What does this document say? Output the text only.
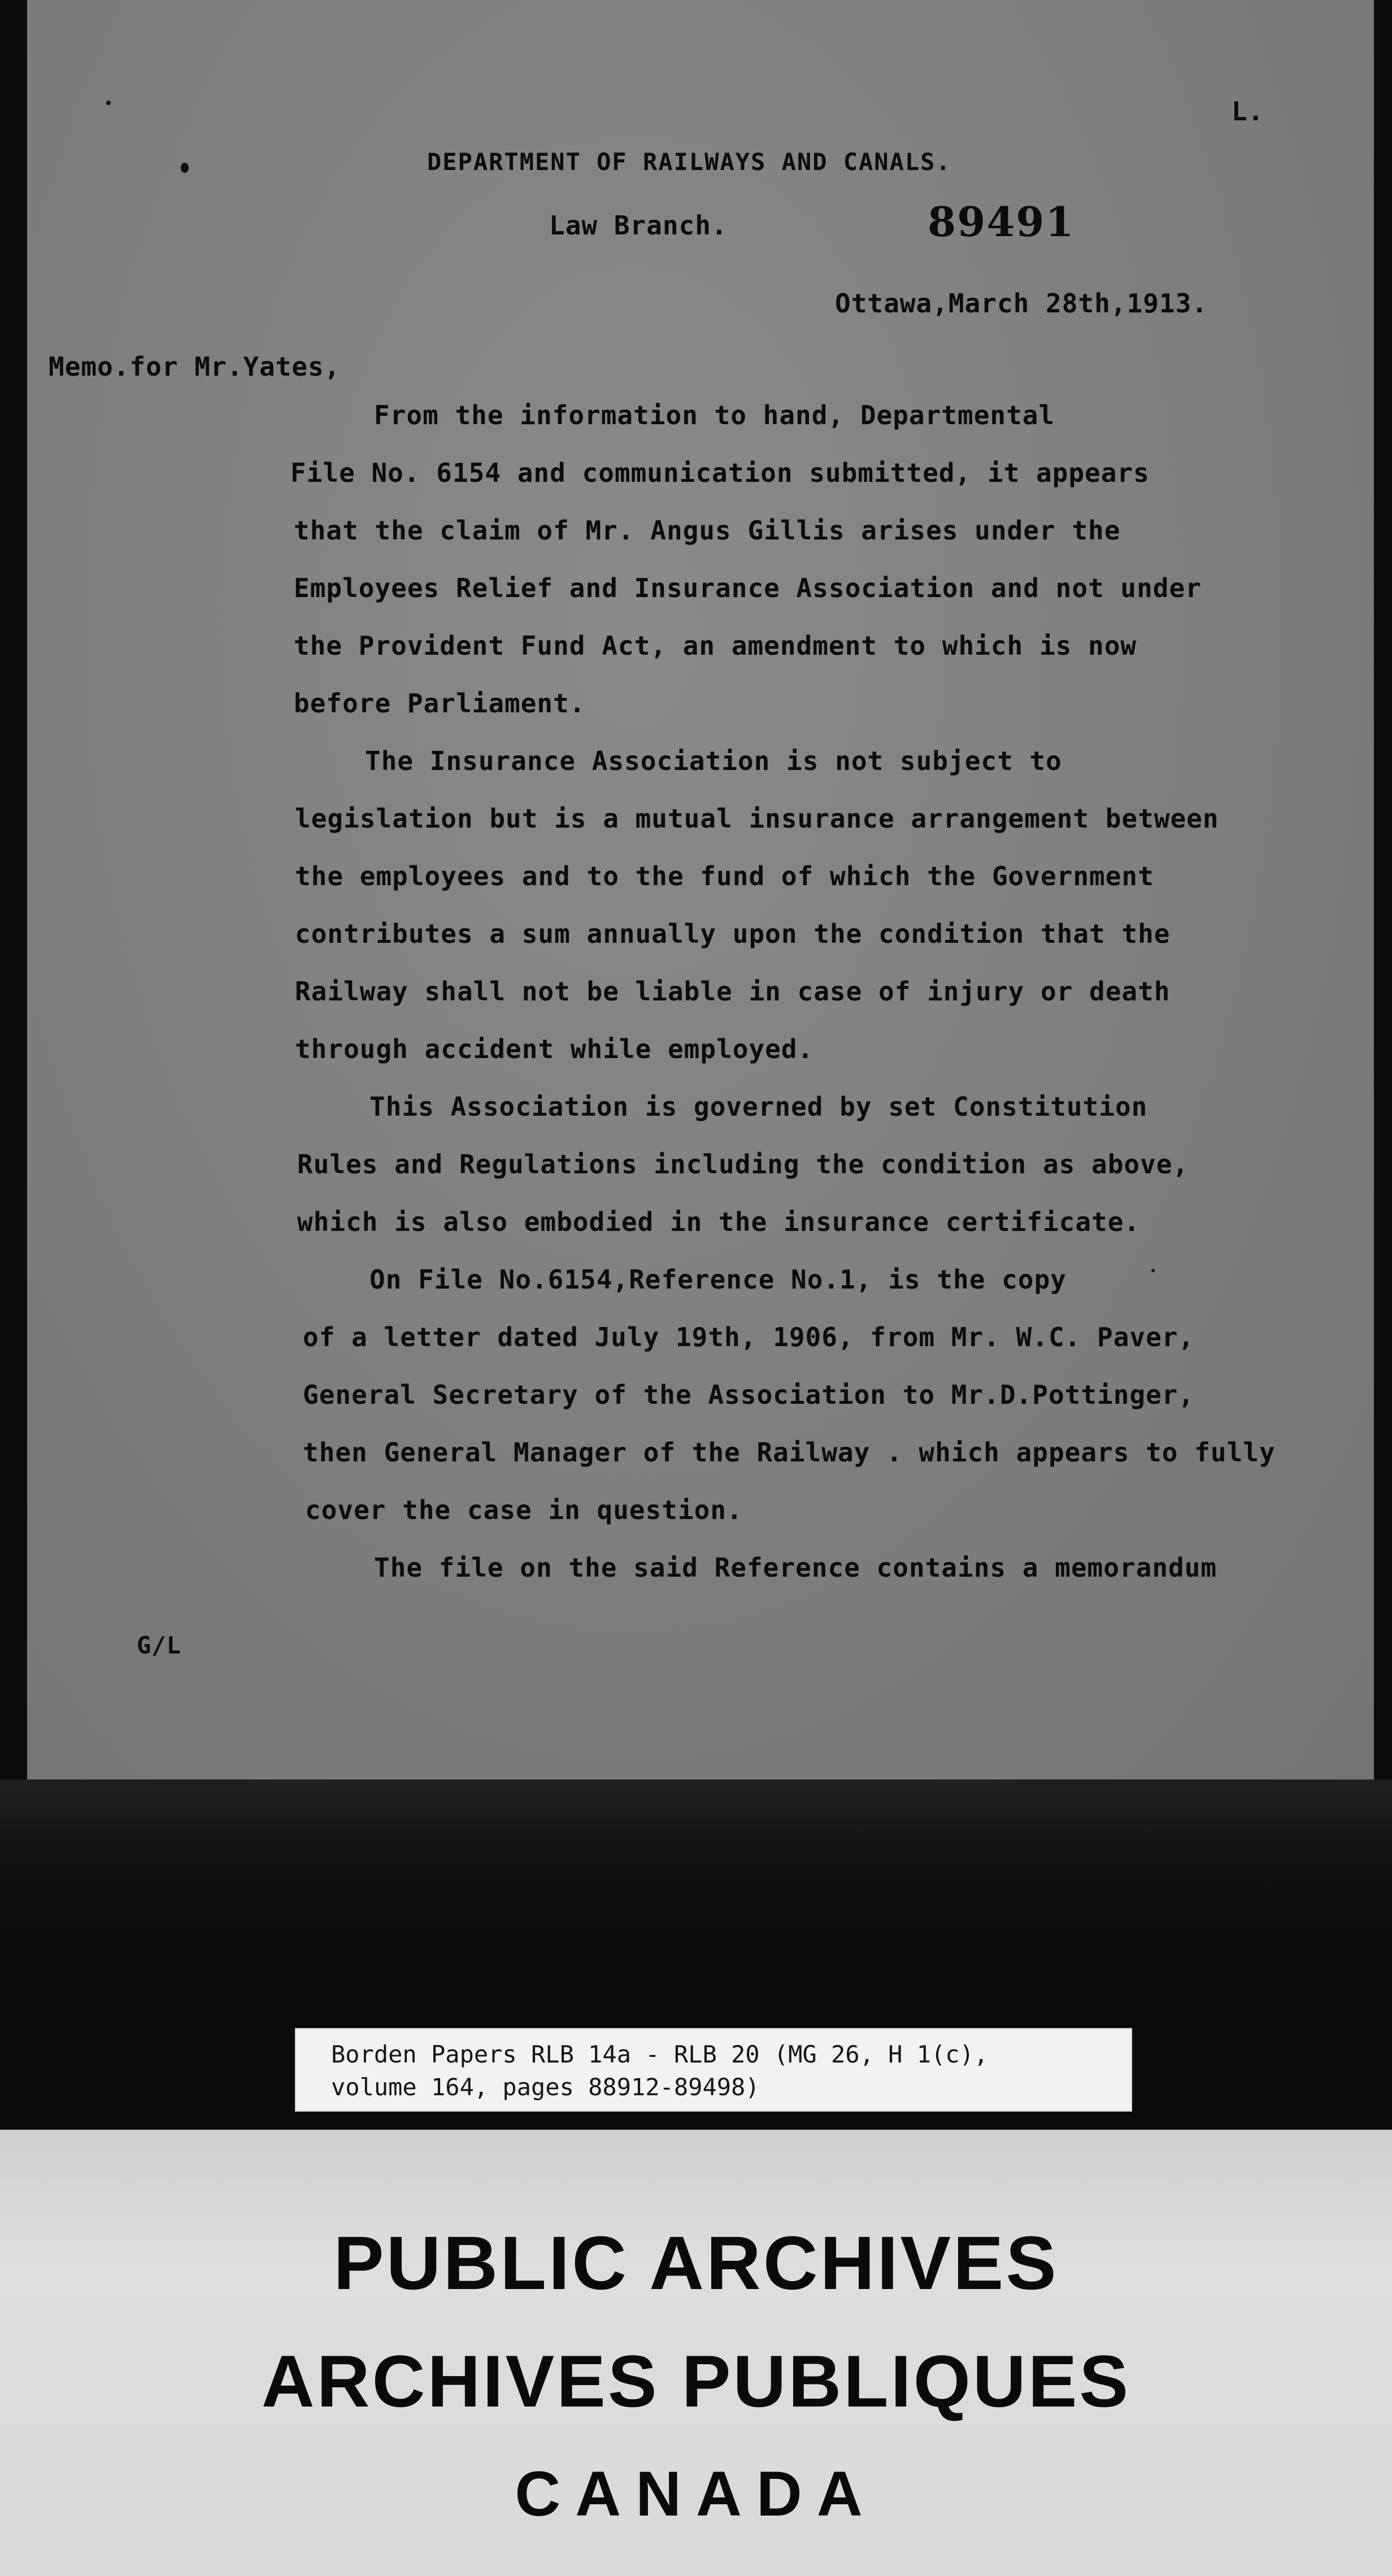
L.
DEPARTMENT OF RAILWAYS AND CANALS.
Law Branch.	89491
Ottawa,March 28th,1913.
Memo.for Mr.Yates,
From the information to hand, Departmental
File No. 6154 and communication submitted, it appears
that the claim of Mr. Angus Gillis arises under the
Employees Relief and Insurance Association and not under
the Provident Fund Act, an amendment to which is now
before Parliament.
The Insurance Association is not subject to
legislation but is a mutual insurance arrangement between
the employees and to the fund of which the Government
contributes a sum annually upon the condition that the
Railway shall not be liable in case of injury or death
through accident while employed.
This Association is governed by set Constitution
Rules and Regulations including the condition as above,
which is also embodied in the insurance certificate.
On File No.6154,Reference No.1, is the copy
of a letter dated July 19th, 1906, from Mr. W.C. Paver,
General Secretary of the Association to Mr.D.Pottinger,
then General Manager of the Railway . which appears to fully
cover the case in question.
The file on the said Reference contains a memorandum
G/L
Borden Papers RLB 14a - RLB 20 (MG 26, H 1(c),
volume 164, pages 88912-89498)
PUBLIC ARCHIVES
ARCHIVES PUBLIQUES
CANADA
